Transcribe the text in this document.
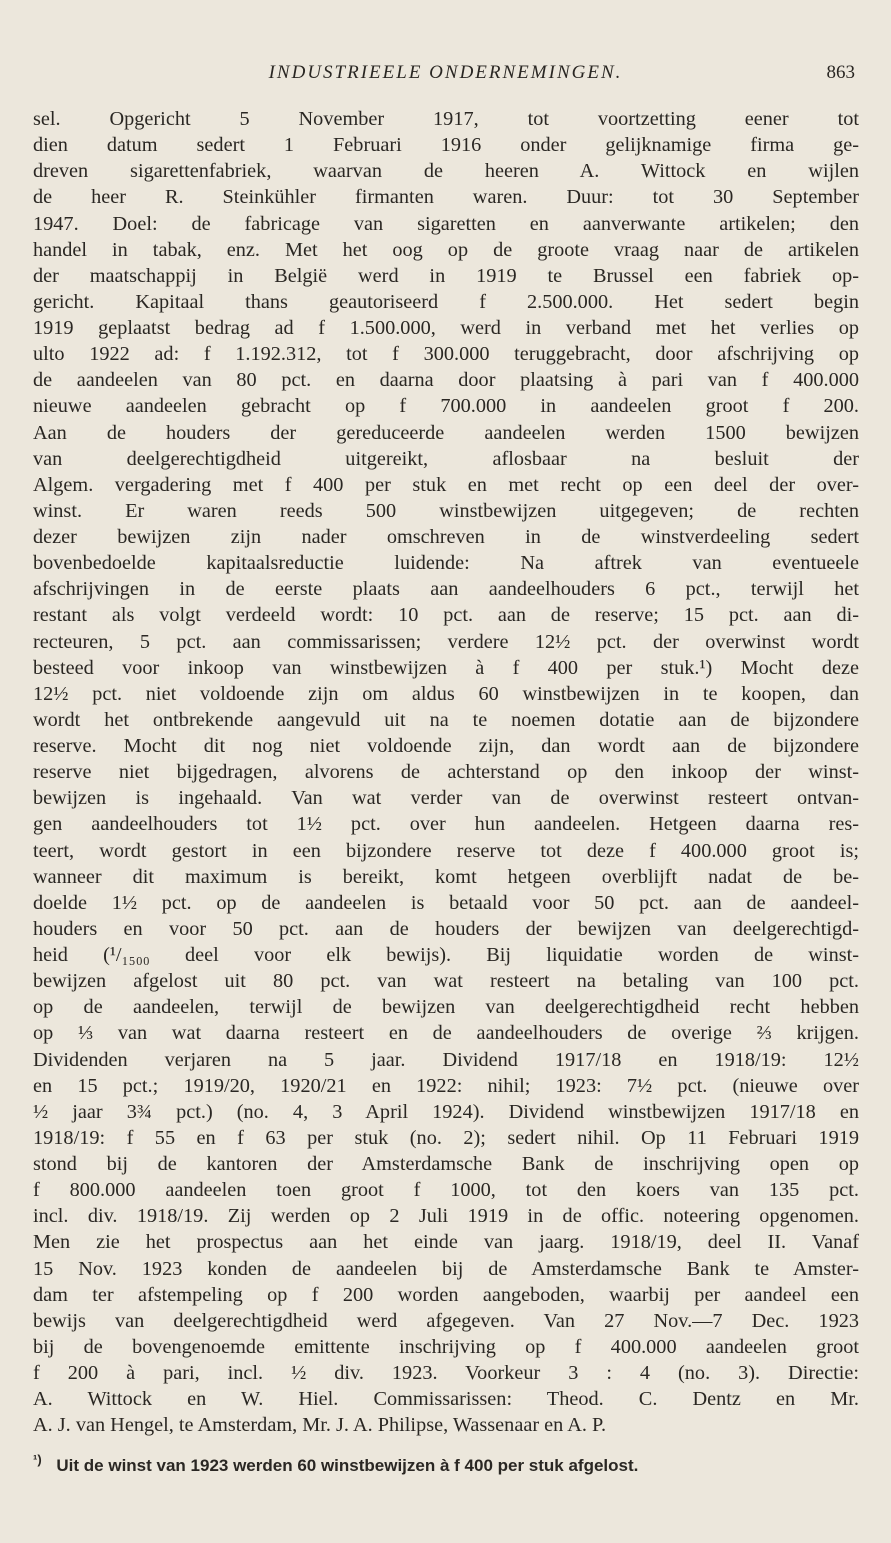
INDUSTRIEELE ONDERNEMINGEN.	863
sel. Opgericht 5 November 1917, tot voortzetting eener tot
dien datum sedert 1 Februari 1916 onder gelijknamige firma ge-
dreven sigarettenfabriek, waarvan de heeren A. Wittock en wijlen
de heer R. Steinkühler firmanten waren. Duur: tot 30 September
1947. Doel: de fabricage van sigaretten en aanverwante artikelen; den
handel in tabak, enz. Met het oog op de groote vraag naar de artikelen
der maatschappij in België werd in 1919 te Brussel een fabriek op-
gericht. Kapitaal thans geautoriseerd f 2.500.000. Het sedert begin
1919 geplaatst bedrag ad f 1.500.000, werd in verband met het verlies op
ulto 1922 ad: f 1.192.312, tot f 300.000 teruggebracht, door afschrijving op
de aandeelen van 80 pct. en daarna door plaatsing à pari van f 400.000
nieuwe aandeelen gebracht op f 700.000 in aandeelen groot f 200.
Aan de houders der gereduceerde aandeelen werden 1500 bewijzen
van deelgerechtigdheid uitgereikt, aflosbaar na besluit der
Algem. vergadering met f 400 per stuk en met recht op een deel der over-
winst. Er waren reeds 500 winstbewijzen uitgegeven; de rechten
dezer bewijzen zijn nader omschreven in de winstverdeeling sedert
bovenbedoelde kapitaalsreductie luidende: Na aftrek van eventueele
afschrijvingen in de eerste plaats aan aandeelhouders 6 pct., terwijl het
restant als volgt verdeeld wordt: 10 pct. aan de reserve; 15 pct. aan di-
recteuren, 5 pct. aan commissarissen; verdere 12½ pct. der overwinst wordt
besteed voor inkoop van winstbewijzen à f 400 per stuk.¹) Mocht deze
12½ pct. niet voldoende zijn om aldus 60 winstbewijzen in te koopen, dan
wordt het ontbrekende aangevuld uit na te noemen dotatie aan de bijzondere
reserve. Mocht dit nog niet voldoende zijn, dan wordt aan de bijzondere
reserve niet bijgedragen, alvorens de achterstand op den inkoop der winst-
bewijzen is ingehaald. Van wat verder van de overwinst resteert ontvan-
gen aandeelhouders tot 1½ pct. over hun aandeelen. Hetgeen daarna res-
teert, wordt gestort in een bijzondere reserve tot deze f 400.000 groot is;
wanneer dit maximum is bereikt, komt hetgeen overblijft nadat de be-
doelde 1½ pct. op de aandeelen is betaald voor 50 pct. aan de aandeel-
houders en voor 50 pct. aan de houders der bewijzen van deelgerechtigd-
heid (¹/₁₅₀₀ deel voor elk bewijs). Bij liquidatie worden de winst-
bewijzen afgelost uit 80 pct. van wat resteert na betaling van 100 pct.
op de aandeelen, terwijl de bewijzen van deelgerechtigdheid recht hebben
op ⅓ van wat daarna resteert en de aandeelhouders de overige ⅔ krijgen.
Dividenden verjaren na 5 jaar. Dividend 1917/18 en 1918/19: 12½
en 15 pct.; 1919/20, 1920/21 en 1922: nihil; 1923: 7½ pct. (nieuwe over
½ jaar 3¾ pct.) (no. 4, 3 April 1924). Dividend winstbewijzen 1917/18 en
1918/19: f 55 en f 63 per stuk (no. 2); sedert nihil. Op 11 Februari 1919
stond bij de kantoren der Amsterdamsche Bank de inschrijving open op
f 800.000 aandeelen toen groot f 1000, tot den koers van 135 pct.
incl. div. 1918/19. Zij werden op 2 Juli 1919 in de offic. noteering opgenomen.
Men zie het prospectus aan het einde van jaarg. 1918/19, deel II. Vanaf
15 Nov. 1923 konden de aandeelen bij de Amsterdamsche Bank te Amster-
dam ter afstempeling op f 200 worden aangeboden, waarbij per aandeel een
bewijs van deelgerechtigdheid werd afgegeven. Van 27 Nov.—7 Dec. 1923
bij de bovengenoemde emittente inschrijving op f 400.000 aandeelen groot
f 200 à pari, incl. ½ div. 1923. Voorkeur 3 : 4 (no. 3). Directie:
A. Wittock en W. Hiel. Commissarissen: Theod. C. Dentz en Mr.
A. J. van Hengel, te Amsterdam, Mr. J. A. Philipse, Wassenaar en A. P.
$^{^1)}$ Uit de winst van 1923 werden 60 winstbewijzen à f 400 per stuk afgelost.
